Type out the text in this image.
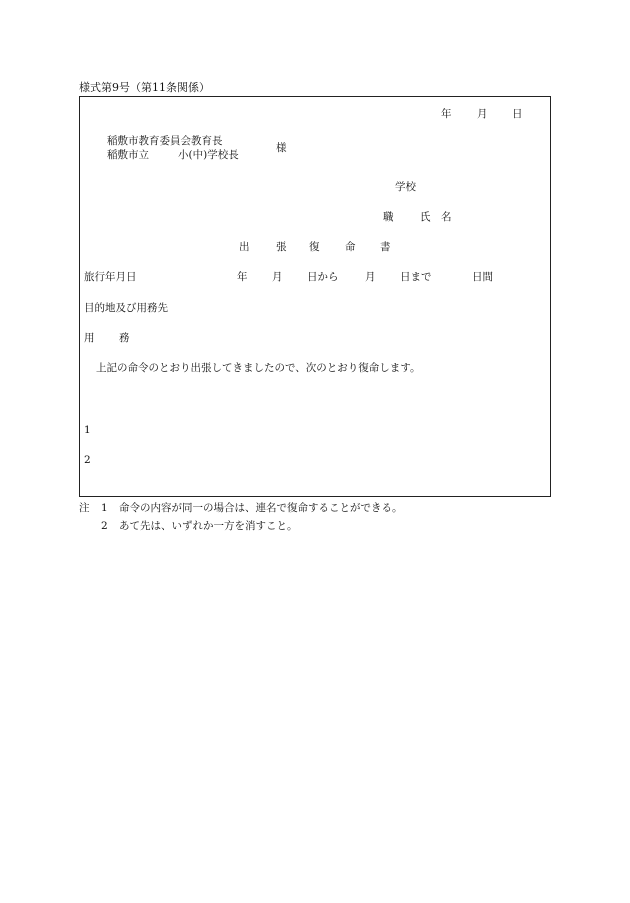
様式第9号（第11条関係）
年 月 日
稲敷市教育委員会教育長
稲敷市立	小(中)学校長
様
学校
職	氏 名
出	張 復 命 書
旅行年月日	年 月 日から	月 日まで	日間
目的地及び用務先
用 務
上記の命令のとおり出張してきましたので、次のとおり復命します。
1
2
注 1 命令の内容が同一の場合は、連名で復命することができる。
2 あて先は、いずれか一方を消すこと。
